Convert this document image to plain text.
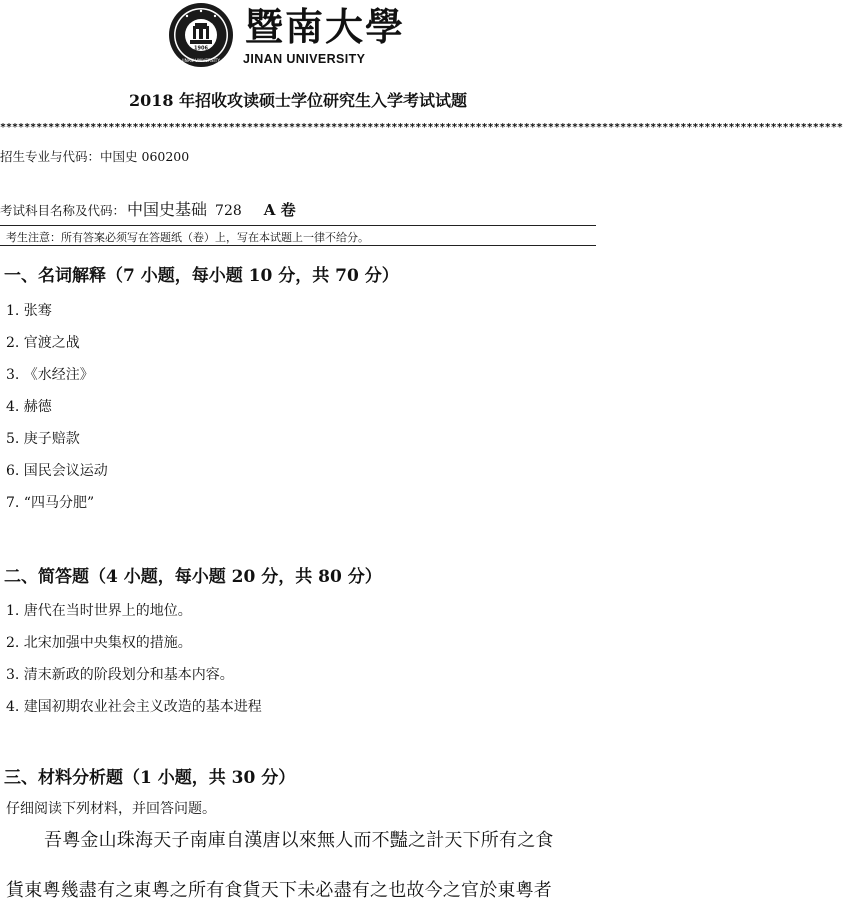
1906
JINAN UNIVERSITY
暨南大學
JINAN UNIVERSITY
2018 年招收攻读硕士学位研究生入学考试试题
********************************************************************************************************************************************
招生专业与代码：中国史 060200
考试科目名称及代码： 中国史基础 728 A 卷
考生注意：所有答案必须写在答题纸（卷）上，写在本试题上一律不给分。
一、名词解释（7 小题，每小题 10 分，共 70 分）
1. 张骞
2. 官渡之战
3. 《水经注》
4. 赫德
5. 庚子赔款
6. 国民会议运动
7. “四马分肥”
二、简答题（4 小题，每小题 20 分，共 80 分）
1. 唐代在当时世界上的地位。
2. 北宋加强中央集权的措施。
3. 清末新政的阶段划分和基本内容。
4. 建国初期农业社会主义改造的基本进程
三、材料分析题（1 小题，共 30 分）
仔细阅读下列材料，并回答问题。
吾粵金山珠海天子南庫自漢唐以來無人而不豔之計天下所有之食
貨東粵幾盡有之東粵之所有食貨天下未必盡有之也故今之官於東粵者
